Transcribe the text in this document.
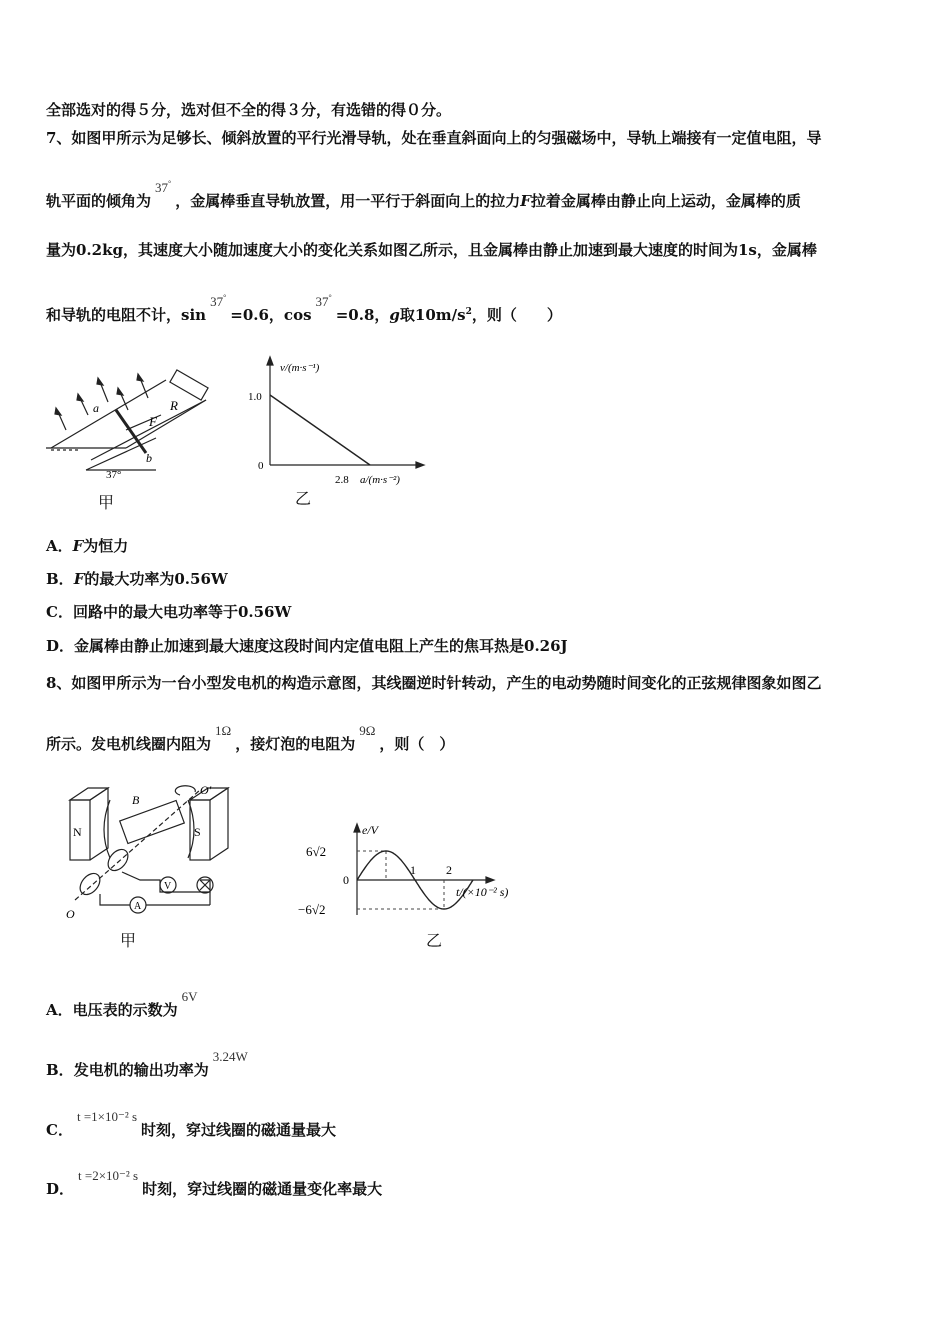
全部选对的得５分，选对但不全的得３分，有选错的得０分。
7、如图甲所示为足够长、倾斜放置的平行光滑导轨，处在垂直斜面向上的匀强磁场中，导轨上端接有一定值电阻，导
轨平面的倾角为37°，金属棒垂直导轨放置，用一平行于斜面向上的拉力F拉着金属棒由静止向上运动，金属棒的质
量为0.2kg，其速度大小随加速度大小的变化关系如图乙所示，且金属棒由静止加速到最大速度的时间为1s，金属棒
和导轨的电阻不计，sin37°=0.6，cos37°=0.8，g取$10m/s^2$，则（　　）
a
b
R
F
37°
甲
v/(m·s⁻¹)
a/(m·s⁻²)
1.0
2.8
0
乙
A．F为恒力
B．F的最大功率为0.56W
C．回路中的最大电功率等于0.56W
D．金属棒由静止加速到最大速度这段时间内定值电阻上产生的焦耳热是0.26J
8、如图甲所示为一台小型发电机的构造示意图，其线圈逆时针转动，产生的电动势随时间变化的正弦规律图象如图乙
所示。发电机线圈内阻为1Ω，接灯泡的电阻为9Ω，则（　）
N	S
B
O′
O
V
A
甲
e/V
t/(×10⁻² s)
6√2
−6√2
0
1	2
乙
A．电压表的示数为6V
B．发电机的输出功率为3.24W
C．t =1×10⁻² s时刻，穿过线圈的磁通量最大
D．t =2×10⁻² s时刻，穿过线圈的磁通量变化率最大
